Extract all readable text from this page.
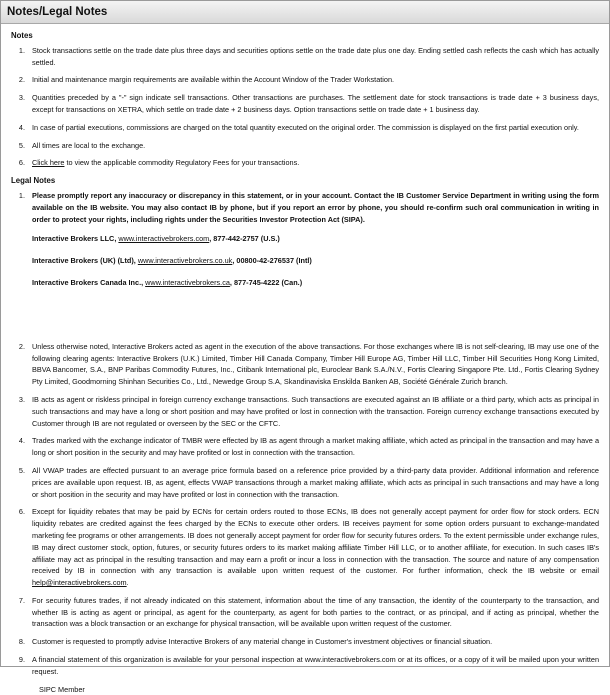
Notes/Legal Notes
Notes
1. Stock transactions settle on the trade date plus three days and securities options settle on the trade date plus one day. Ending settled cash reflects the cash which has actually settled.
2. Initial and maintenance margin requirements are available within the Account Window of the Trader Workstation.
3. Quantities preceded by a "-" sign indicate sell transactions. Other transactions are purchases. The settlement date for stock transactions is trade date + 3 business days, except for transactions on XETRA, which settle on trade date + 2 business days. Option transactions settle on trade date + 1 business day.
4. In case of partial executions, commissions are charged on the total quantity executed on the original order. The commission is displayed on the first partial execution only.
5. All times are local to the exchange.
6. Click here to view the applicable commodity Regulatory Fees for your transactions.
Legal Notes
1. Please promptly report any inaccuracy or discrepancy in this statement, or in your account. Contact the IB Customer Service Department in writing using the form available on the IB website. You may also contact IB by phone, but if you report an error by phone, you should re-confirm such oral communication in writing in order to protect your rights, including rights under the Securities Investor Protection Act (SIPA).

Interactive Brokers LLC, www.interactivebrokers.com, 877-442-2757 (U.S.)

Interactive Brokers (UK) (Ltd), www.interactivebrokers.co.uk, 00800-42-276537 (Intl)

Interactive Brokers Canada Inc., www.interactivebrokers.ca, 877-745-4222 (Can.)

2. Unless otherwise noted, Interactive Brokers acted as agent in the execution of the above transactions. For those exchanges where IB is not self-clearing, IB may use one of the following clearing agents: Interactive Brokers (U.K.) Limited, Timber Hill Canada Company, Timber Hill Europe AG, Timber Hill LLC, Timber Hill Securities Hong Kong Limited, BBVA Bancomer, S.A., BNP Paribas Commodity Futures, Inc., Citibank International plc, Euroclear Bank S.A./N.V., Fortis Clearing Singapore Pte. Ltd., Fortis Clearing Sydney Pty Limited, Goodmorning Shinhan Securities Co., Ltd., Newedge Group S.A, Skandinaviska Enskilda Banken AB, Société Générale Zurich branch.
3. IB acts as agent or riskless principal in foreign currency exchange transactions. Such transactions are executed against an IB affiliate or a third party, which acts as principal in such transactions and may have a long or short position and may have profited or lost in connection with the transaction. Foreign currency exchange transactions executed by Customer through IB are not regulated or overseen by the SEC or the CFTC.
4. Trades marked with the exchange indicator of TMBR were effected by IB as agent through a market making affiliate, which acted as principal in the transaction and may have a long or short position in the security and may have profited or lost in connection with the transaction.
5. All VWAP trades are effected pursuant to an average price formula based on a reference price provided by a third-party data provider. Additional information and reference prices are available upon request. IB, as agent, effects VWAP transactions through a market making affiliate, which acts as principal in such transactions and may have a long or short position in the security and may have profited or lost in connection with the transaction.
6. Except for liquidity rebates that may be paid by ECNs for certain orders routed to those ECNs, IB does not generally accept payment for order flow for stock orders. ECN liquidity rebates are credited against the fees charged by the ECNs to execute other orders. IB receives payment for some option orders pursuant to exchange-mandated marketing fee programs or other arrangements. IB does not generally accept payment for order flow for security futures orders. To the extent permissible under exchange rules, IB may direct customer stock, option, futures, or security futures orders to its market making affiliate Timber Hill LLC, or to another affiliate, for execution. In such cases IB's affiliate may act as principal in the resulting transaction and may earn a profit or incur a loss in connection with the transaction. The source and nature of any compensation received by IB in connection with any transaction is available upon written request of the customer. For further information, check the IB website or email help@interactivebrokers.com.
7. For security futures trades, if not already indicated on this statement, information about the time of any transaction, the identity of the counterparty to the transaction, and whether IB is acting as agent or principal, as agent for the counterparty, as agent for both parties to the contract, or as principal, and if acting as principal, whether the transaction was a block transaction or an exchange for physical transaction, will be available upon written request of the customer.
8. Customer is requested to promptly advise Interactive Brokers of any material change in Customer's investment objectives or financial situation.
9. A financial statement of this organization is available for your personal inspection at www.interactivebrokers.com or at its offices, or a copy of it will be mailed upon your written request.
SIPC Member
